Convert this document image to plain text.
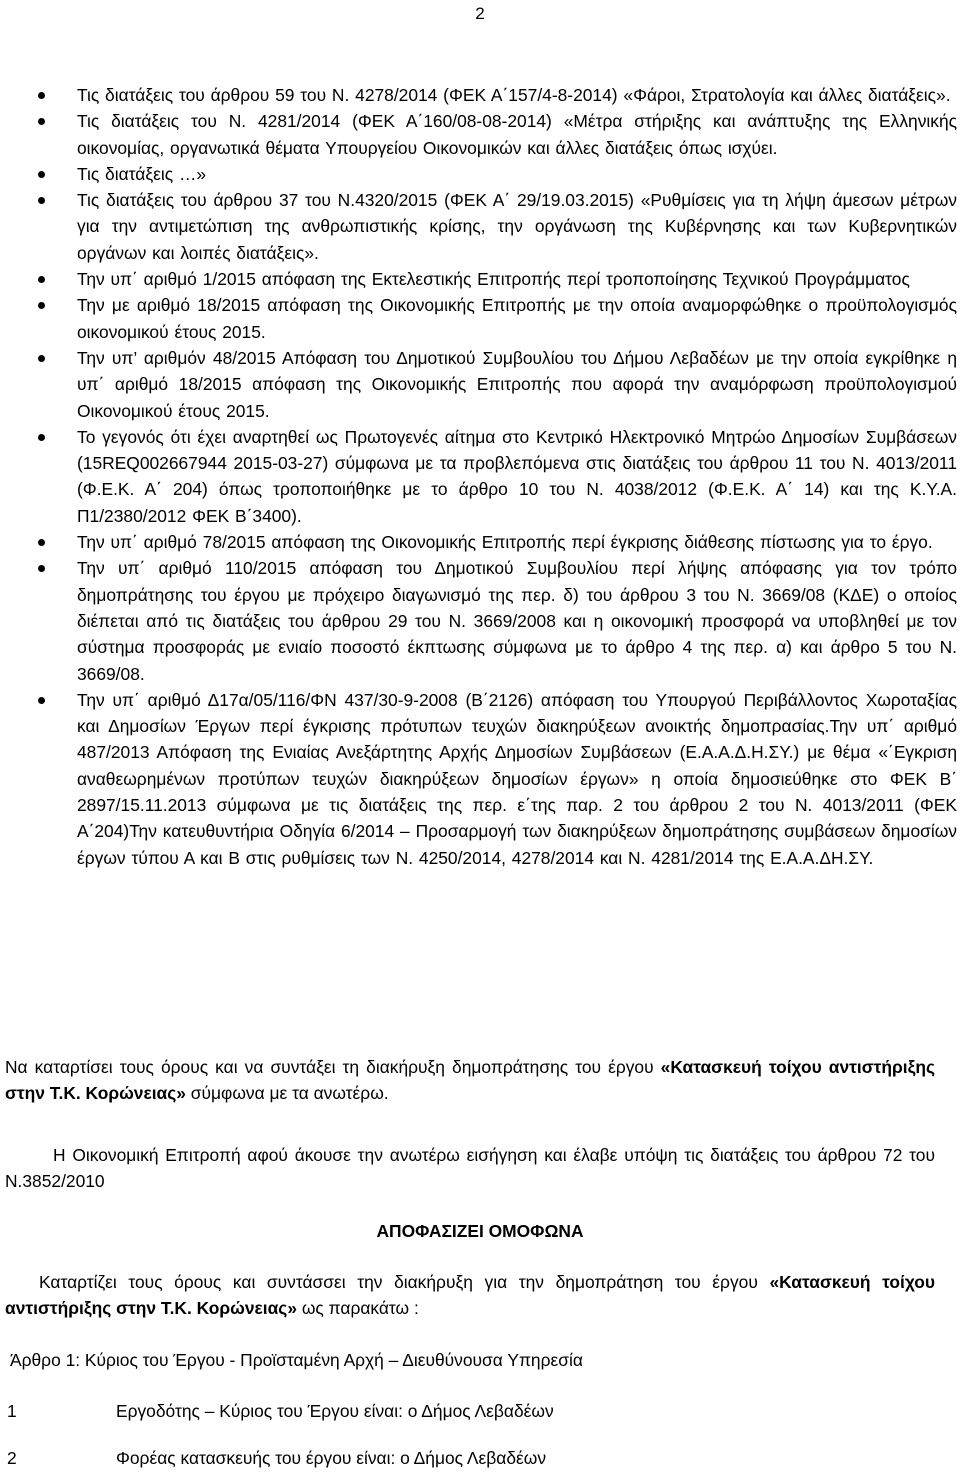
2
Τις διατάξεις του άρθρου 59 του Ν. 4278/2014 (ΦΕΚ Α΄157/4-8-2014) «Φάροι, Στρατολογία και άλλες διατάξεις».
Τις διατάξεις του Ν. 4281/2014 (ΦΕΚ Α΄160/08-08-2014) «Μέτρα στήριξης και ανάπτυξης της Ελληνικής οικονομίας, οργανωτικά θέματα Υπουργείου Οικονομικών και άλλες διατάξεις όπως ισχύει.
Τις διατάξεις …»
Τις διατάξεις του άρθρου 37 του Ν.4320/2015 (ΦΕΚ Α΄ 29/19.03.2015) «Ρυθμίσεις για τη λήψη άμεσων μέτρων για την αντιμετώπιση της ανθρωπιστικής κρίσης, την οργάνωση της Κυβέρνησης και των Κυβερνητικών οργάνων και λοιπές διατάξεις».
Την υπ΄ αριθμό 1/2015 απόφαση της Εκτελεστικής Επιτροπής περί τροποποίησης Τεχνικού Προγράμματος
Την με αριθμό 18/2015 απόφαση της Οικονομικής Επιτροπής με την οποία αναμορφώθηκε ο προϋπολογισμός οικονομικού έτους 2015.
Την υπ’ αριθμόν 48/2015 Απόφαση του Δημοτικού Συμβουλίου του Δήμου Λεβαδέων με την οποία εγκρίθηκε η υπ΄ αριθμό 18/2015 απόφαση της Οικονομικής Επιτροπής που αφορά την αναμόρφωση προϋπολογισμού Οικονομικού έτους 2015.
Το γεγονός ότι έχει αναρτηθεί ως Πρωτογενές αίτημα στο Κεντρικό Ηλεκτρονικό Μητρώο Δημοσίων Συμβάσεων (15REQ002667944 2015-03-27) σύμφωνα με τα προβλεπόμενα στις διατάξεις του άρθρου 11 του Ν. 4013/2011 (Φ.Ε.Κ. Α΄ 204) όπως τροποποιήθηκε με το άρθρο 10 του Ν. 4038/2012 (Φ.Ε.Κ. Α΄ 14) και της Κ.Υ.Α. Π1/2380/2012 ΦΕΚ Β΄3400).
Την υπ΄ αριθμό 78/2015 απόφαση της Οικονομικής Επιτροπής περί έγκρισης διάθεσης πίστωσης για το έργο.
Την υπ΄ αριθμό 110/2015 απόφαση του Δημοτικού Συμβουλίου περί λήψης απόφασης για τον τρόπο δημοπράτησης του έργου με πρόχειρο διαγωνισμό της περ. δ) του άρθρου 3 του Ν. 3669/08 (ΚΔΕ) ο οποίος διέπεται από τις διατάξεις του άρθρου 29 του Ν. 3669/2008 και η οικονομική προσφορά να υποβληθεί με τον σύστημα προσφοράς με ενιαίο ποσοστό έκπτωσης σύμφωνα με το άρθρο 4 της περ. α) και άρθρο 5 του Ν. 3669/08.
Την υπ΄ αριθμό Δ17α/05/116/ΦΝ 437/30-9-2008 (Β΄2126) απόφαση του Υπουργού Περιβάλλοντος Χωροταξίας και Δημοσίων Έργων περί έγκρισης πρότυπων τευχών διακηρύξεων ανοικτής δημοπρασίας.Την υπ΄ αριθμό 487/2013 Απόφαση της Ενιαίας Ανεξάρτητης Αρχής Δημοσίων Συμβάσεων (Ε.Α.Α.Δ.Η.ΣΥ.) με θέμα «΄Εγκριση αναθεωρημένων προτύπων τευχών διακηρύξεων δημοσίων έργων» η οποία δημοσιεύθηκε στο ΦΕΚ Β΄ 2897/15.11.2013 σύμφωνα με τις διατάξεις της περ. ε΄της παρ. 2 του άρθρου 2 του Ν. 4013/2011 (ΦΕΚ Α΄204)Την κατευθυντήρια Οδηγία 6/2014 – Προσαρμογή των διακηρύξεων δημοπράτησης συμβάσεων δημοσίων έργων τύπου Α και Β στις ρυθμίσεις των Ν. 4250/2014, 4278/2014 και Ν. 4281/2014 της Ε.Α.Α.ΔΗ.ΣΥ.

Να καταρτίσει τους όρους και να συντάξει τη διακήρυξη δημοπράτησης του έργου «Κατασκευή τοίχου αντιστήριξης στην Τ.Κ. Κορώνειας» σύμφωνα με τα ανωτέρω.

Η Οικονομική Επιτροπή αφού άκουσε την ανωτέρω εισήγηση και έλαβε υπόψη τις διατάξεις του άρθρου 72 του Ν.3852/2010

ΑΠΟΦΑΣΙΖΕΙ ΟΜΟΦΩΝΑ

Καταρτίζει τους όρους και συντάσσει την διακήρυξη για την δημοπράτηση του έργου «Κατασκευή τοίχου αντιστήριξης στην Τ.Κ. Κορώνειας» ως παρακάτω :

Άρθρο 1: Κύριος του Έργου - Προϊσταμένη Αρχή – Διευθύνουσα Υπηρεσία
1	Εργοδότης – Κύριος του Έργου είναι: ο Δήμος Λεβαδέων
2	Φορέας κατασκευής του έργου είναι: ο Δήμος Λεβαδέων
